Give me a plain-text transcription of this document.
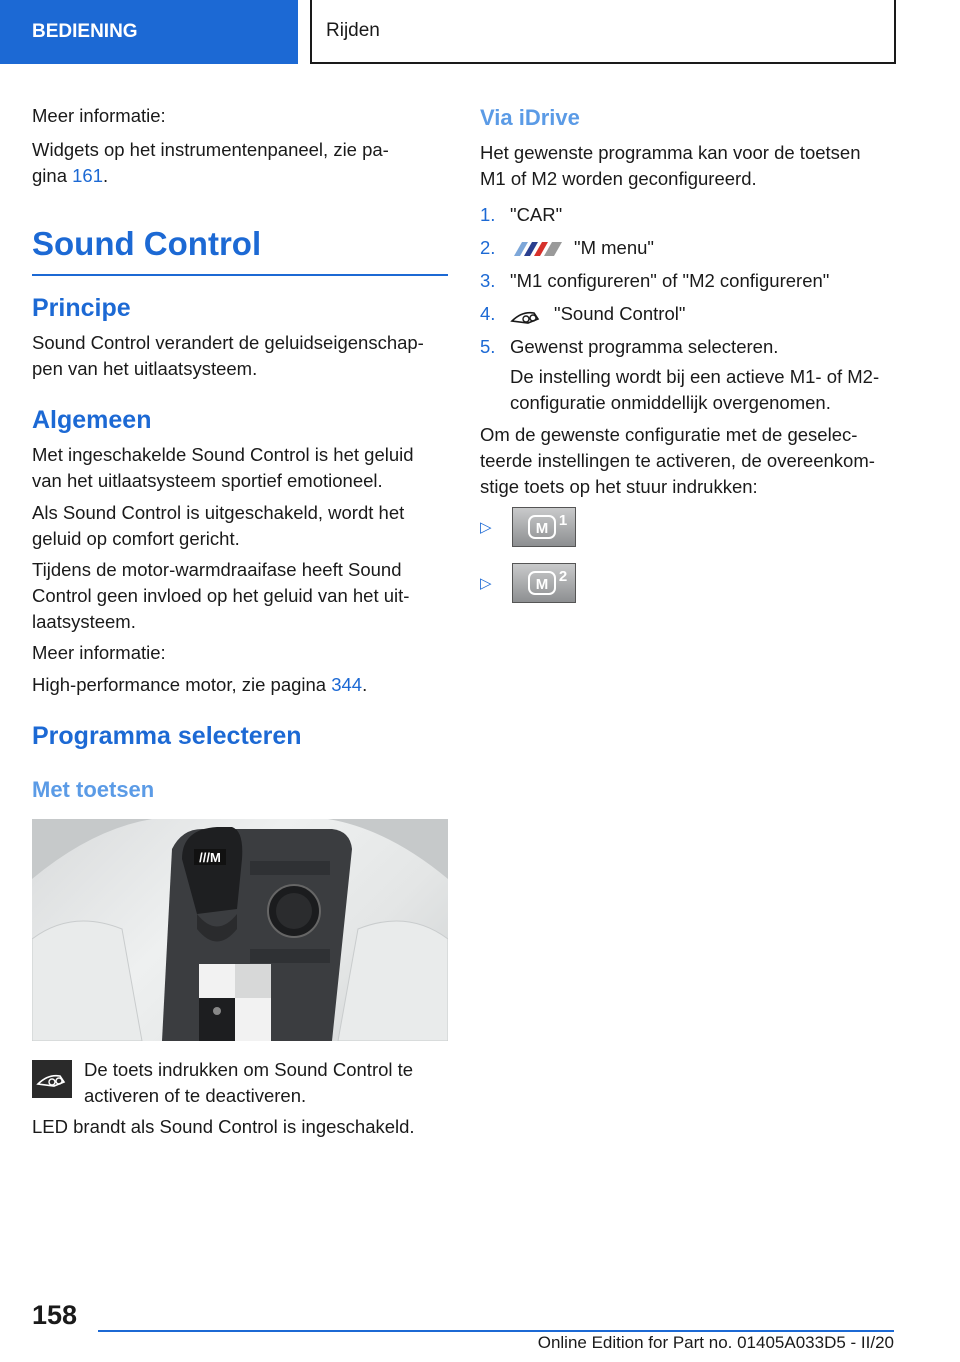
BEDIENING	Rijden

Meer informatie:

Widgets op het instrumentenpaneel, zie pa-

gina 161.

Sound Control
Principe

Sound Control verandert de geluidseigenschap-

pen van het uitlaatsysteem.

Algemeen

Met ingeschakelde Sound Control is het geluid

van het uitlaatsysteem sportief emotioneel.

Als Sound Control is uitgeschakeld, wordt het

geluid op comfort gericht.

Tijdens de motor-warmdraaifase heeft Sound

Control geen invloed op het geluid van het uit-

laatsysteem.

Meer informatie:

High-performance motor, zie pagina 344.

Programma selecteren
Met toetsen
///M

De toets indrukken om Sound Control te

activeren of te deactiveren.

LED brandt als Sound Control is ingeschakeld.

Via iDrive

Het gewenste programma kan voor de toetsen

M1 of M2 worden geconfigureerd.

1. "CAR"
2.	"M menu"
3. "M1 configureren" of "M2 configureren"
4.	"Sound Control"
5. Gewenst programma selecteren.

De instelling wordt bij een actieve M1- of M2-

configuratie onmiddellijk overgenomen.

Om de gewenste configuratie met de geselec-

teerde instellingen te activeren, de overeenkom-

stige toets op het stuur indrukken:

▷	M 1
▷	M 2
158
Online Edition for Part no. 01405A033D5 - II/20
